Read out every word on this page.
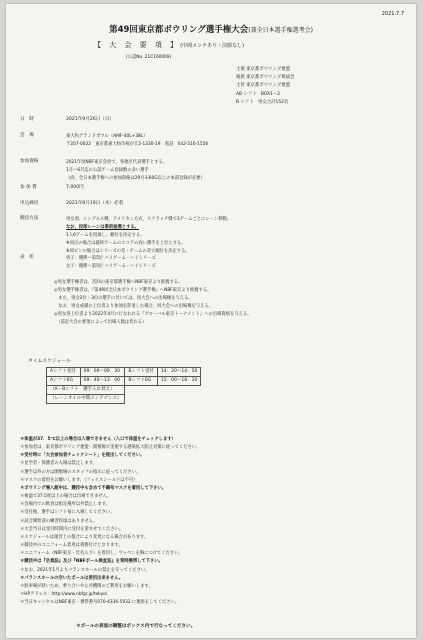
2021.7.7
第49回東京都ボウリング選手権大会(兼全日本選手権選考会)
【 大 会 要 項 】(中間メンテあり・決勝なし)
(公認No. 21C160009)
主催 東京都ボウリング連盟
後援 東京都ボウリング場協会
主管 東京都ボウリング連盟
AB シフト　BOX1～2
B シフト　男女合計152名
日　時	2021年9月26日（日）
会　場	東大和グランドボウル（AMF-40L+38L）
〒207-0022　東京都東大和市桜が丘2-1330-19　電話　042-516-1556
参加資格	2021年度NBF東京会員で、各地区代表選手とする。
1月～6月迄の公認ゲーム登録数の多い選手
（尚、全日本選手権への参加資格は29月末60G以上の本部登録が必要）
参 加 費	7,000円
申込締切	2021年8月19日（木）必着
競技方法	男女別、シングルス戦、アメリカン方式、スクラッチ戦で3ゲームごとにレーン移動。
なお、投球レーンは事前抽選とする。
1人6ゲームを投球し、順位を決定する。
※同点の場合は最終ゲームのスコアの高い選手を上位とする。
※同ピンの場合はシリーズの差・ゲームの差で順位を決定する。
表　彰	男子：優勝～第5位 ハイゲーム・ハイシリーズ
女子：優勝～第5位 ハイゲーム・ハイシリーズ
◎男女選手権者は、次回の東京都選手権へNBF東京より推薦する。
◎男女選手権者は、『第49回全日本ボウリング選手権』へNBF東京より推薦する。
　また、男女2位・3位の選手に付いては、同大会への出場権を与える。
　なお、男女成績の上位者より参加を辞退した場合、同大会への出場権を与える。
◎男女各上位者より2022年4月に行なわれる『グローバル東京トーナメント』への出場資格を与える。
　（前記大会の要項によって出場人数は変わる）
タイムスケジュール
Aシフト受付	09：00～09：30	Bシフト受付	14：20～14：50
Aシフト6G	09：40～13：00	Bシフト6G	15：00～18：20
（A・Bシフト　選手入れ替え）			
（レーンオイル中間メンテナンス）			
＊体温が37．5℃以上の場合は入場できません（入口で体温をチェックします）
＊参加者は、東京都ボウリング連盟・開催場で実施する感染拡大防止対策に従ってください。
＊受付時に「大会参加者チェックシート」を提出してください。
＊見学者・保護者の入場は禁止します。
＊選手以外の方は開催場のスタッフの指示に従ってください。
＊マスクの着用をお願いします。（フェイスシールドは不可）
＊ボウリング場入館中は、競技中も含めて不織布マスクを着用して下さい。
＊検温で37.5度以上の場合は出場できません。
＊会場内での飲食は指定場所以外禁止します。
＊受付後、選手はシフト毎に入場してください。
＊試合開始前の練習投球はありません。
＊大会当日は受付時間内に受付を済ませてください。
＊スケジュールは運営上の都合により変更になる場合があります。
＊競技中のユニフォーム着用は義務付けとなります。
＊ユニフォーム（NBF東京・氏名入り）を着用し、ワッペンを胸につけてください。
＊競技中は『会員証』及び『NBFボール検査証』を常時携帯して下さい。
＊なお、2021年1月よりバランスホールの禁止を守ってください。
＊パランスホールの空いたボールは使用出来ません。
＊駐車場が狭いため、乗り合いや公共機関のご利用をお願いします。
＊HPアドレス：http://www.nbfgr.jp/tokyo/
＊当日キャンセルはNBF東京・携帯番号070-4336-5932 に連絡をしてください。
＊ボールの表面の調整はボックス内で行なってください。
